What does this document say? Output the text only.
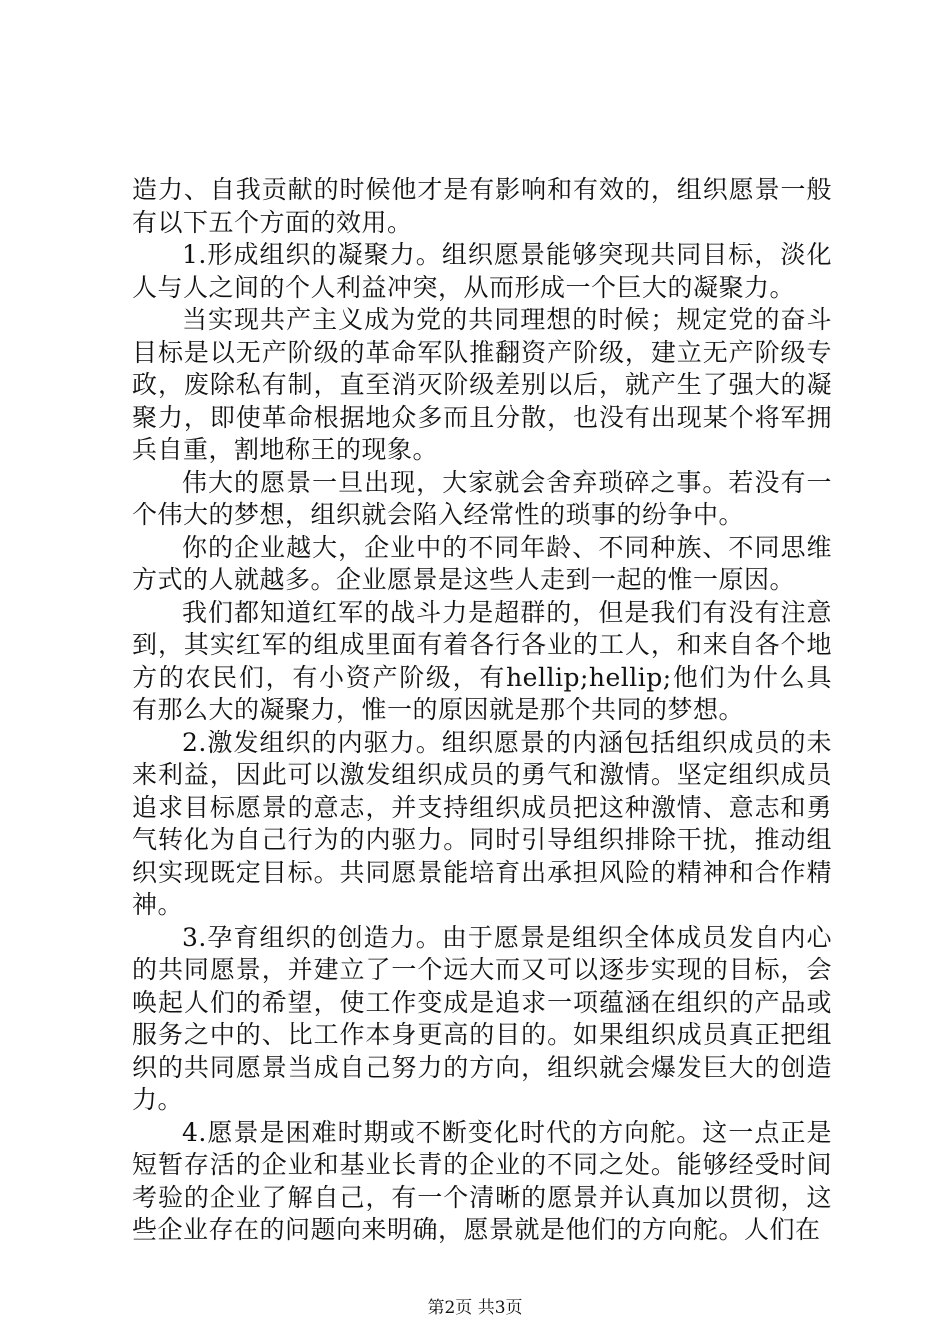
造力、自我贡献的时候他才是有影响和有效的，组织愿景一般有以下五个方面的效用。

1.形成组织的凝聚力。组织愿景能够突现共同目标，淡化人与人之间的个人利益冲突，从而形成一个巨大的凝聚力。

当实现共产主义成为党的共同理想的时候；规定党的奋斗目标是以无产阶级的革命军队推翻资产阶级，建立无产阶级专政，废除私有制，直至消灭阶级差别以后，就产生了强大的凝聚力，即使革命根据地众多而且分散，也没有出现某个将军拥兵自重，割地称王的现象。

伟大的愿景一旦出现，大家就会舍弃琐碎之事。若没有一个伟大的梦想，组织就会陷入经常性的琐事的纷争中。

你的企业越大，企业中的不同年龄、不同种族、不同思维方式的人就越多。企业愿景是这些人走到一起的惟一原因。

我们都知道红军的战斗力是超群的，但是我们有没有注意到，其实红军的组成里面有着各行各业的工人，和来自各个地方的农民们，有小资产阶级，有hellip;hellip;他们为什么具有那么大的凝聚力，惟一的原因就是那个共同的梦想。

2.激发组织的内驱力。组织愿景的内涵包括组织成员的未来利益，因此可以激发组织成员的勇气和激情。坚定组织成员追求目标愿景的意志，并支持组织成员把这种激情、意志和勇气转化为自己行为的内驱力。同时引导组织排除干扰，推动组织实现既定目标。共同愿景能培育出承担风险的精神和合作精神。

3.孕育组织的创造力。由于愿景是组织全体成员发自内心的共同愿景，并建立了一个远大而又可以逐步实现的目标，会唤起人们的希望，使工作变成是追求一项蕴涵在组织的产品或服务之中的、比工作本身更高的目的。如果组织成员真正把组织的共同愿景当成自己努力的方向，组织就会爆发巨大的创造力。

4.愿景是困难时期或不断变化时代的方向舵。这一点正是短暂存活的企业和基业长青的企业的不同之处。能够经受时间考验的企业了解自己，有一个清晰的愿景并认真加以贯彻，这些企业存在的问题向来明确，愿景就是他们的方向舵。人们在

第2页 共3页
